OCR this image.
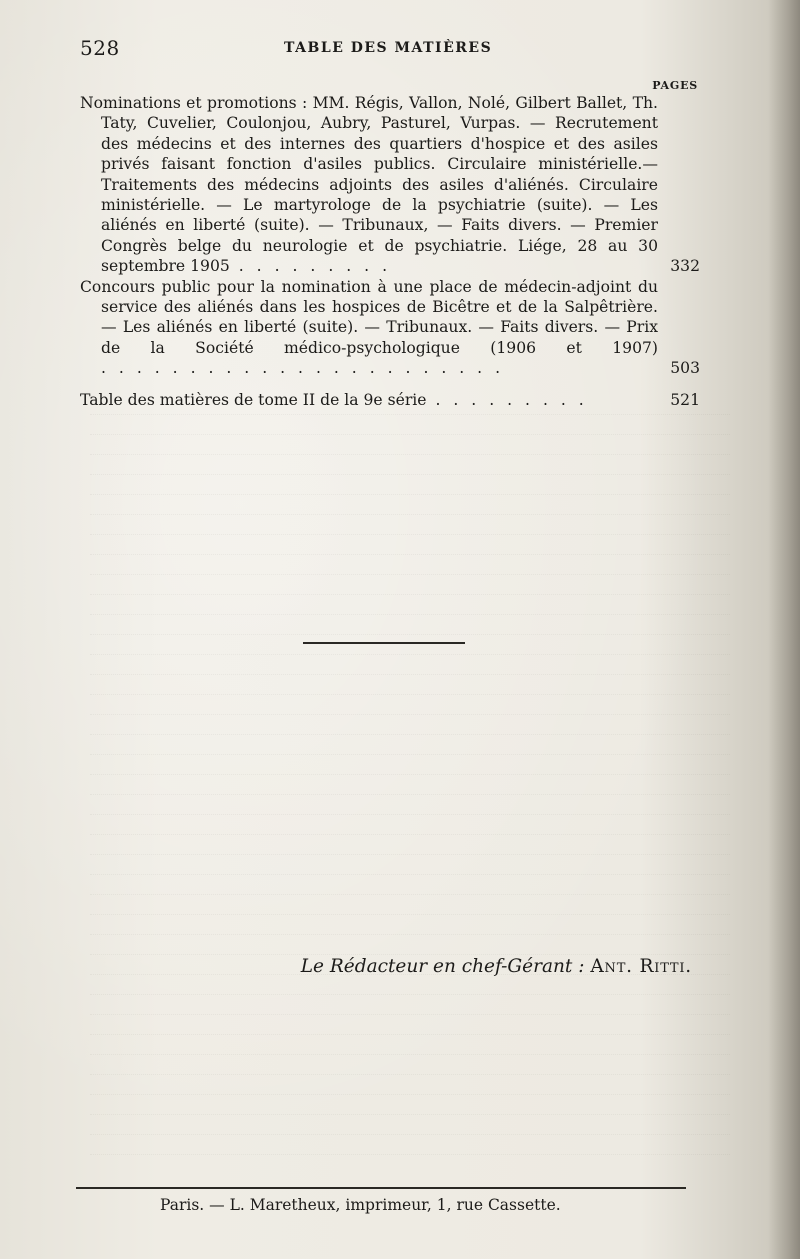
528	TABLE DES MATIÈRES
PAGES
Nominations et promotions : MM. Régis, Vallon, Nolé, Gilbert Ballet, Th. Taty, Cuvelier, Coulonjou, Aubry, Pasturel, Vurpas. — Recrutement des médecins et des internes des quartiers d'hospice et des asiles privés faisant fonction d'asiles publics. Circulaire ministérielle.—Traitements des médecins adjoints des asiles d'aliénés. Circulaire ministérielle. — Le martyrologe de la psychiatrie (suite). — Les aliénés en liberté (suite). — Tribunaux, — Faits divers. — Premier Congrès belge du neurologie et de psychiatrie. Liége, 28 au 30 septembre 1905 . . . . . . . . .	332
Concours public pour la nomination à une place de médecin-adjoint du service des aliénés dans les hospices de Bicêtre et de la Salpêtrière. — Les aliénés en liberté (suite). — Tribunaux. — Faits divers. — Prix de la Société médico-psychologique (1906 et 1907) . . . . . . . . . . . . . . . . . . . . . . .	503
Table des matières de tome II de la 9e série . . . . . . . . .	521
Le Rédacteur en chef-Gérant : Ant. Ritti.
Paris. — L. Maretheux, imprimeur, 1, rue Cassette.
